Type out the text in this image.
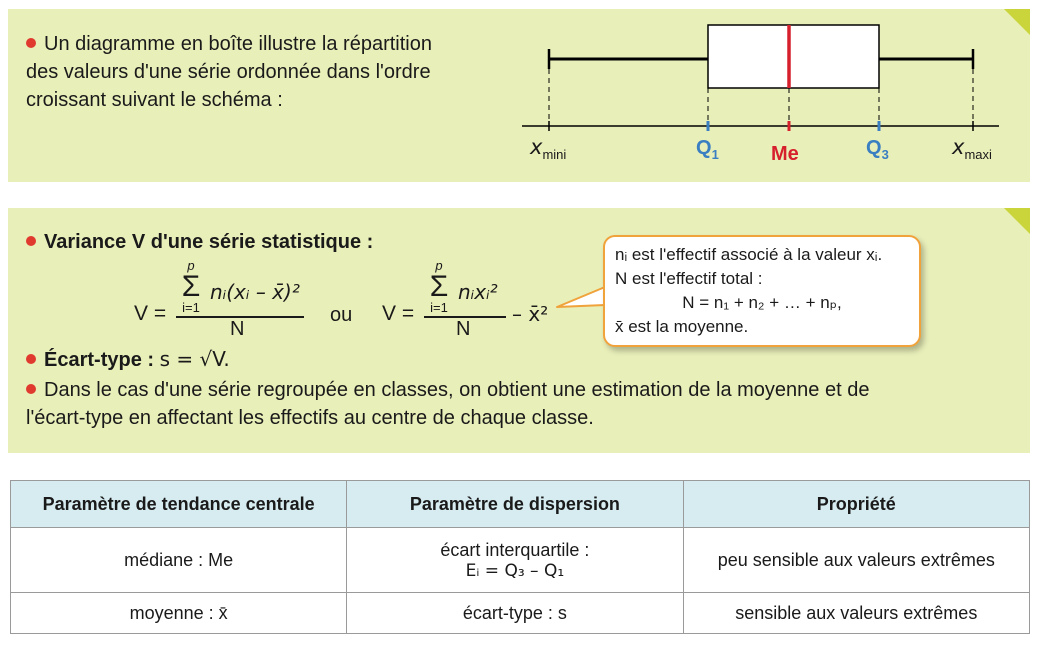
Un diagramme en boîte illustre la répartition
des valeurs d'une série ordonnée dans l'ordre
croissant suivant le schéma :
$x_{mini}$	$Q_1$	Me	$Q_3$	$x_{maxi}$
Variance V d'une série statistique :
V =
p
Σ
i=1
nᵢ(xᵢ – x̄)²
N
ou V =
p
Σ
i=1
nᵢxᵢ²
N
– x̄²
nᵢ est l'effectif associé à la valeur xᵢ.
N est l'effectif total :
N = n₁ + n₂ + … + nₚ,
x̄ est la moyenne.
Écart-type : s = √V.
Dans le cas d'une série regroupée en classes, on obtient une estimation de la moyenne et de
l'écart-type en affectant les effectifs au centre de chaque classe.
Paramètre de tendance centrale	Paramètre de dispersion	Propriété
médiane : Me	écart interquartile :
Eᵢ = Q₃ – Q₁	peu sensible aux valeurs extrêmes
moyenne : x̄	écart-type : s	sensible aux valeurs extrêmes
